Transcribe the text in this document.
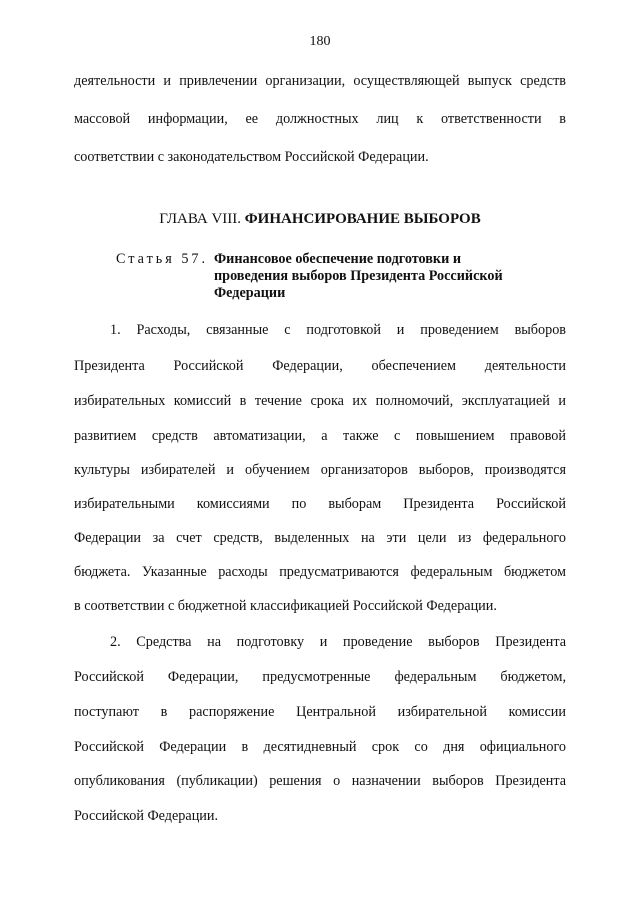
180
деятельности и привлечении организации, осуществляющей выпуск средств
массовой информации, ее должностных лиц к ответственности в
соответствии с законодательством Российской Федерации.
ГЛАВА VIII. ФИНАНСИРОВАНИЕ ВЫБОРОВ
Статья 57. Финансовое обеспечение подготовки и
проведения выборов Президента Российской
Федерации
1. Расходы, связанные с подготовкой и проведением выборов
Президента Российской Федерации, обеспечением деятельности
избирательных комиссий в течение срока их полномочий, эксплуатацией и
развитием средств автоматизации, а также с повышением правовой
культуры избирателей и обучением организаторов выборов, производятся
избирательными комиссиями по выборам Президента Российской
Федерации за счет средств, выделенных на эти цели из федерального
бюджета. Указанные расходы предусматриваются федеральным бюджетом
в соответствии с бюджетной классификацией Российской Федерации.
2. Средства на подготовку и проведение выборов Президента
Российской Федерации, предусмотренные федеральным бюджетом,
поступают в распоряжение Центральной избирательной комиссии
Российской Федерации в десятидневный срок со дня официального
опубликования (публикации) решения о назначении выборов Президента
Российской Федерации.
